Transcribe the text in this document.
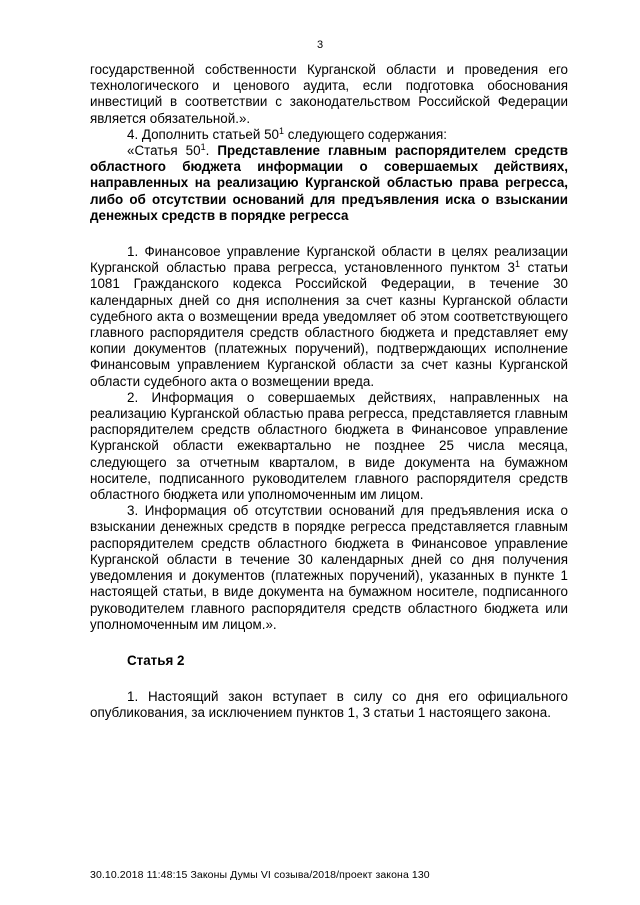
3

государственной собственности Курганской области и проведения его технологического и ценового аудита, если подготовка обоснования инвестиций в соответствии с законодательством Российской Федерации является обязательной.».

4. Дополнить статьей $50^1$ следующего содержания:

«Статья $50^1$. Представление главным распорядителем средств областного бюджета информации о совершаемых действиях, направленных на реализацию Курганской областью права регресса, либо об отсутствии оснований для предъявления иска о взыскании денежных средств в порядке регресса

1. Финансовое управление Курганской области в целях реализации Курганской областью права регресса, установленного пунктом $3^1$ статьи 1081 Гражданского кодекса Российской Федерации, в течение 30 календарных дней со дня исполнения за счет казны Курганской области судебного акта о возмещении вреда уведомляет об этом соответствующего главного распорядителя средств областного бюджета и представляет ему копии документов (платежных поручений), подтверждающих исполнение Финансовым управлением Курганской области за счет казны Курганской области судебного акта о возмещении вреда.

2. Информация о совершаемых действиях, направленных на реализацию Курганской областью права регресса, представляется главным распорядителем средств областного бюджета в Финансовое управление Курганской области ежеквартально не позднее 25 числа месяца, следующего за отчетным кварталом, в виде документа на бумажном носителе, подписанного руководителем главного распорядителя средств областного бюджета или уполномоченным им лицом.

3. Информация об отсутствии оснований для предъявления иска о взыскании денежных средств в порядке регресса представляется главным распорядителем средств областного бюджета в Финансовое управление Курганской области в течение 30 календарных дней со дня получения уведомления и документов (платежных поручений), указанных в пункте 1 настоящей статьи, в виде документа на бумажном носителе, подписанного руководителем главного распорядителя средств областного бюджета или уполномоченным им лицом.».

Статья 2

1. Настоящий закон вступает в силу со дня его официального опубликования, за исключением пунктов 1, 3 статьи 1 настоящего закона.

30.10.2018 11:48:15 Законы Думы VI созыва/2018/проект закона 130
